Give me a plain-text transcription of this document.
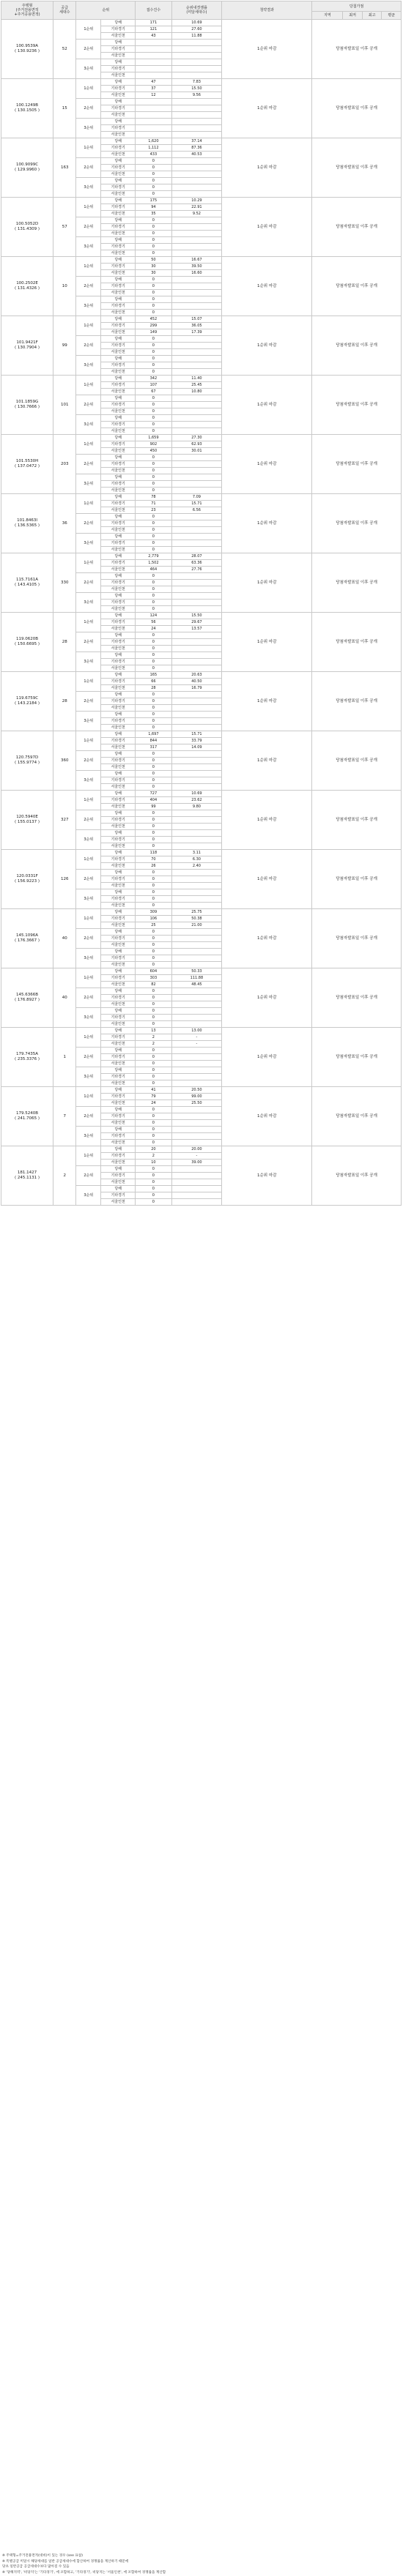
주택형
(주거전용면적
+주거공용면적)	공급
세대수	순위		접수건수	순위내경쟁률
(미달세대수)	청약결과	당첨가점			
							지역	최저	최고	평균
100.9539A
( 130.9236 )	52	1순위	당해	171	10.69	1순위 마감	당첨자발표일 이후 공개			
			기타경기	121	27.60					
			서울인천	43	11.88					
		2순위	당해							
			기타경기							
			서울인천							
		3순위	당해							
			기타경기							
			서울인천							
100.1249B
( 130.1505 )	15	1순위	당해	47	7.83	1순위 마감	당첨자발표일 이후 공개			
			기타경기	37	15.50					
			서울인천	12	9.56					
		2순위	당해							
			기타경기							
			서울인천							
		3순위	당해							
			기타경기							
			서울인천							
100.9099C
( 129.9960 )	163	1순위	당해	1,620	37.14	1순위 마감	당첨자발표일 이후 공개			
			기타경기	1,112	87.36					
			서울인천	433	40.53					
		2순위	당해	0						
			기타경기	0						
			서울인천	0						
		3순위	당해	0						
			기타경기	0						
			서울인천	0						
100.5052D
( 131.4309 )	57	1순위	당해	175	10.29	1순위 마감	당첨자발표일 이후 공개			
			기타경기	94	22.91					
			서울인천	35	9.52					
		2순위	당해	0						
			기타경기	0						
			서울인천	0						
		3순위	당해	0						
			기타경기	0						
			서울인천	0						
100.2502E
( 131.4326 )	10	1순위	당해	50	16.67	1순위 마감	당첨자발표일 이후 공개			
			기타경기	30	39.50					
			서울인천	30	16.60					
		2순위	당해	0						
			기타경기	0						
			서울인천	0						
		3순위	당해	0						
			기타경기	0						
			서울인천	0						
101.9421F
( 130.7904 )	99	1순위	당해	452	15.07	1순위 마감	당첨자발표일 이후 공개			
			기타경기	299	36.05					
			서울인천	149	17.39					
		2순위	당해	0						
			기타경기	0						
			서울인천	0						
		3순위	당해	0						
			기타경기	0						
			서울인천	0						
101.1859G
( 130.7666 )	101	1순위	당해	342	11.40	1순위 마감	당첨자발표일 이후 공개			
			기타경기	107	25.45					
			서울인천	67	10.80					
		2순위	당해	0						
			기타경기	0						
			서울인천	0						
		3순위	당해	0						
			기타경기	0						
			서울인천	0						
101.5530H
( 137.0472 )	203	1순위	당해	1,659	27.30	1순위 마감	당첨자발표일 이후 공개			
			기타경기	902	62.93					
			서울인천	450	30.01					
		2순위	당해	0						
			기타경기	0						
			서울인천	0						
		3순위	당해	0						
			기타경기	0						
			서울인천	0						
101.8463I
( 136.5365 )	36	1순위	당해	78	7.09	1순위 마감	당첨자발표일 이후 공개			
			기타경기	71	15.71					
			서울인천	23	6.56					
		2순위	당해	0						
			기타경기	0						
			서울인천	0						
		3순위	당해	0						
			기타경기	0						
			서울인천	0						
115.7161A
( 143.4105 )	330	1순위	당해	2,779	28.07	1순위 마감	당첨자발표일 이후 공개			
			기타경기	1,502	63.36					
			서울인천	464	27.76					
		2순위	당해	0						
			기타경기	0						
			서울인천	0						
		3순위	당해	0						
			기타경기	0						
			서울인천	0						
119.0620B
( 150.6695 )	28	1순위	당해	124	15.50	1순위 마감	당첨자발표일 이후 공개			
			기타경기	56	29.67					
			서울인천	24	13.57					
		2순위	당해	0						
			기타경기	0						
			서울인천	0						
		3순위	당해	0						
			기타경기	0						
			서울인천	0						
119.6759C
( 143.2184 )	28	1순위	당해	165	20.63	1순위 마감	당첨자발표일 이후 공개			
			기타경기	66	40.50					
			서울인천	28	16.79					
		2순위	당해	0						
			기타경기	0						
			서울인천	0						
		3순위	당해	0						
			기타경기	0						
			서울인천	0						
120.7597D
( 155.9774 )	360	1순위	당해	1,697	15.71	1순위 마감	당첨자발표일 이후 공개			
			기타경기	844	33.79					
			서울인천	317	14.09					
		2순위	당해	0						
			기타경기	0						
			서울인천	0						
		3순위	당해	0						
			기타경기	0						
			서울인천	0						
120.5940E
( 155.0137 )	327	1순위	당해	727	10.69	1순위 마감	당첨자발표일 이후 공개			
			기타경기	404	23.62					
			서울인천	99	9.80					
		2순위	당해	0						
			기타경기	0						
			서울인천	0						
		3순위	당해	0						
			기타경기	0						
			서울인천	0						
120.0331F
( 156.9223 )	126	1순위	당해	118	3.11	1순위 마감	당첨자발표일 이후 공개			
			기타경기	70	6.30					
			서울인천	26	2.40					
		2순위	당해	0						
			기타경기	0						
			서울인천	0						
		3순위	당해	0						
			기타경기	0						
			서울인천	0						
145.1096A
( 176.3667 )	40	1순위	당해	309	25.75	1순위 마감	당첨자발표일 이후 공개			
			기타경기	106	50.38					
			서울인천	25	21.00					
		2순위	당해	0						
			기타경기	0						
			서울인천	0						
		3순위	당해	0						
			기타경기	0						
			서울인천	0						
145.6366B
( 176.8927 )	40	1순위	당해	604	50.33	1순위 마감	당첨자발표일 이후 공개			
			기타경기	303	111.88					
			서울인천	82	48.45					
		2순위	당해	0						
			기타경기	0						
			서울인천	0						
		3순위	당해	0						
			기타경기	0						
			서울인천	0						
179.7435A
( 235.3376 )	1	1순위	당해	13	13.00	1순위 마감	당첨자발표일 이후 공개			
			기타경기	2	-					
			서울인천	2	-					
		2순위	당해	0						
			기타경기	0						
			서울인천	0						
		3순위	당해	0						
			기타경기	0						
			서울인천	0						
179.5240B
( 241.7065 )	7	1순위	당해	41	20.50	1순위 마감	당첨자발표일 이후 공개			
			기타경기	79	99.00					
			서울인천	24	25.50					
		2순위	당해	0						
			기타경기	0						
			서울인천	0						
		3순위	당해	0						
			기타경기	0						
			서울인천	0						
181.1427
( 245.1131 )	2	1순위	당해	20	20.00	1순위 마감	당첨자발표일 이후 공개			
			기타경기	2	-					
			서울인천	10	39.00					
		2순위	당해	0						
			기타경기	0						
			서울인천	0						
		3순위	당해	0						
			기타경기	0						
			서울인천	0						
※ 주택형=주거전용면적(대비)이 있는 경우 (see 표참)
※ 특별공급 미달시 해당세대를 일반 공급세대수에 합산하여 경쟁률을 계산하기 때문에
당초 일반공급 공급세대수보다 많아질 수 있음
※ '당해지역', '비당지'는 '기타경기', 에 포함하고, '기타경기', 비당지는 '서울인천', 에 포함하여 경쟁률을 계산함
